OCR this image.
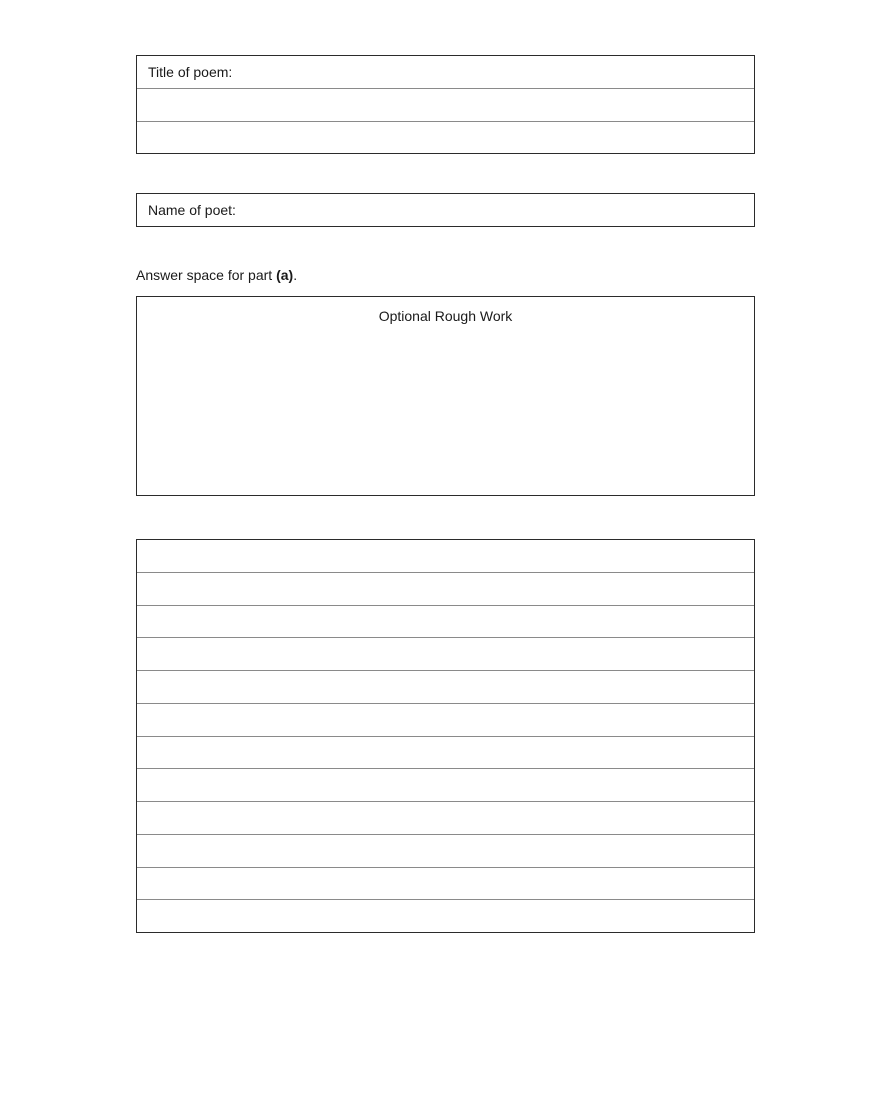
Title of poem:
Name of poet:
Answer space for part (a).
Optional Rough Work
